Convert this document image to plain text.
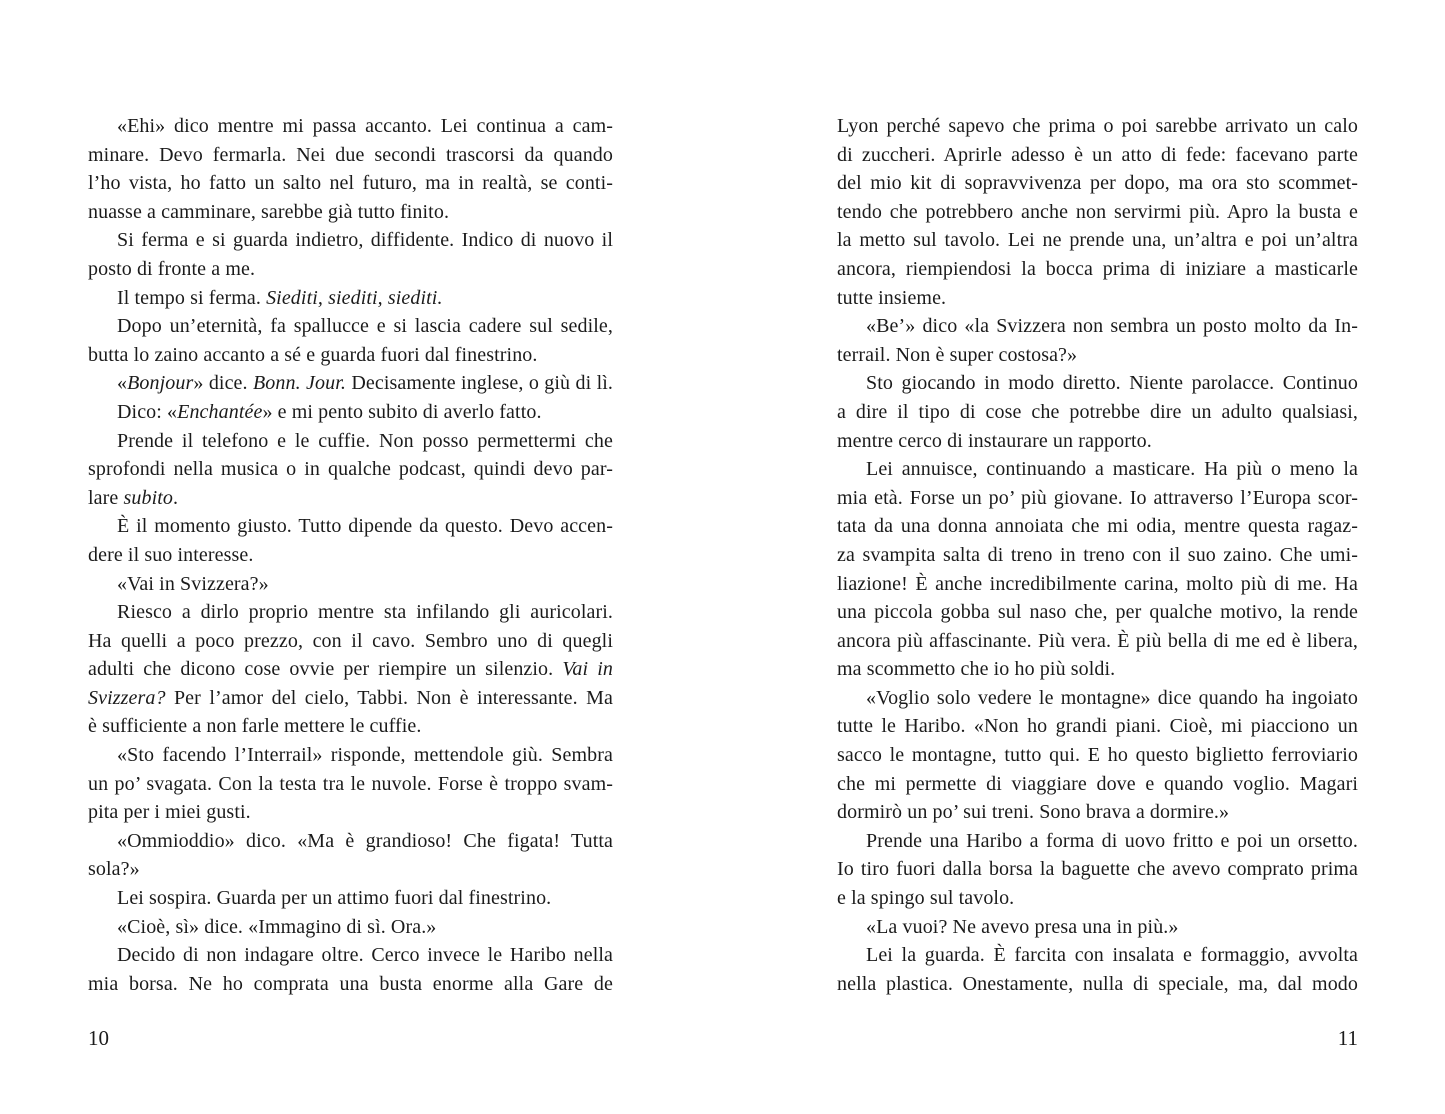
«Ehi» dico mentre mi passa accanto. Lei continua a cam-
minare. Devo fermarla. Nei due secondi trascorsi da quando
l’ho vista, ho fatto un salto nel futuro, ma in realtà, se conti-
nuasse a camminare, sarebbe già tutto finito.
Si ferma e si guarda indietro, diffidente. Indico di nuovo il
posto di fronte a me.
Il tempo si ferma. Siediti, siediti, siediti.
Dopo un’eternità, fa spallucce e si lascia cadere sul sedile,
butta lo zaino accanto a sé e guarda fuori dal finestrino.
«Bonjour» dice. Bonn. Jour. Decisamente inglese, o giù di lì.
Dico: «Enchantée» e mi pento subito di averlo fatto.
Prende il telefono e le cuffie. Non posso permettermi che
sprofondi nella musica o in qualche podcast, quindi devo par-
lare subito.
È il momento giusto. Tutto dipende da questo. Devo accen-
dere il suo interesse.
«Vai in Svizzera?»
Riesco a dirlo proprio mentre sta infilando gli auricolari.
Ha quelli a poco prezzo, con il cavo. Sembro uno di quegli
adulti che dicono cose ovvie per riempire un silenzio. Vai in
Svizzera? Per l’amor del cielo, Tabbi. Non è interessante. Ma
è sufficiente a non farle mettere le cuffie.
«Sto facendo l’Interrail» risponde, mettendole giù. Sembra
un po’ svagata. Con la testa tra le nuvole. Forse è troppo svam-
pita per i miei gusti.
«Ommioddio» dico. «Ma è grandioso! Che figata! Tutta
sola?»
Lei sospira. Guarda per un attimo fuori dal finestrino.
«Cioè, sì» dice. «Immagino di sì. Ora.»
Decido di non indagare oltre. Cerco invece le Haribo nella
mia borsa. Ne ho comprata una busta enorme alla Gare de
Lyon perché sapevo che prima o poi sarebbe arrivato un calo
di zuccheri. Aprirle adesso è un atto di fede: facevano parte
del mio kit di sopravvivenza per dopo, ma ora sto scommet-
tendo che potrebbero anche non servirmi più. Apro la busta e
la metto sul tavolo. Lei ne prende una, un’altra e poi un’altra
ancora, riempiendosi la bocca prima di iniziare a masticarle
tutte insieme.
«Be’» dico «la Svizzera non sembra un posto molto da In-
terrail. Non è super costosa?»
Sto giocando in modo diretto. Niente parolacce. Continuo
a dire il tipo di cose che potrebbe dire un adulto qualsiasi,
mentre cerco di instaurare un rapporto.
Lei annuisce, continuando a masticare. Ha più o meno la
mia età. Forse un po’ più giovane. Io attraverso l’Europa scor-
tata da una donna annoiata che mi odia, mentre questa ragaz-
za svampita salta di treno in treno con il suo zaino. Che umi-
liazione! È anche incredibilmente carina, molto più di me. Ha
una piccola gobba sul naso che, per qualche motivo, la rende
ancora più affascinante. Più vera. È più bella di me ed è libera,
ma scommetto che io ho più soldi.
«Voglio solo vedere le montagne» dice quando ha ingoiato
tutte le Haribo. «Non ho grandi piani. Cioè, mi piacciono un
sacco le montagne, tutto qui. E ho questo biglietto ferroviario
che mi permette di viaggiare dove e quando voglio. Magari
dormirò un po’ sui treni. Sono brava a dormire.»
Prende una Haribo a forma di uovo fritto e poi un orsetto.
Io tiro fuori dalla borsa la baguette che avevo comprato prima
e la spingo sul tavolo.
«La vuoi? Ne avevo presa una in più.»
Lei la guarda. È farcita con insalata e formaggio, avvolta
nella plastica. Onestamente, nulla di speciale, ma, dal modo
10	11
